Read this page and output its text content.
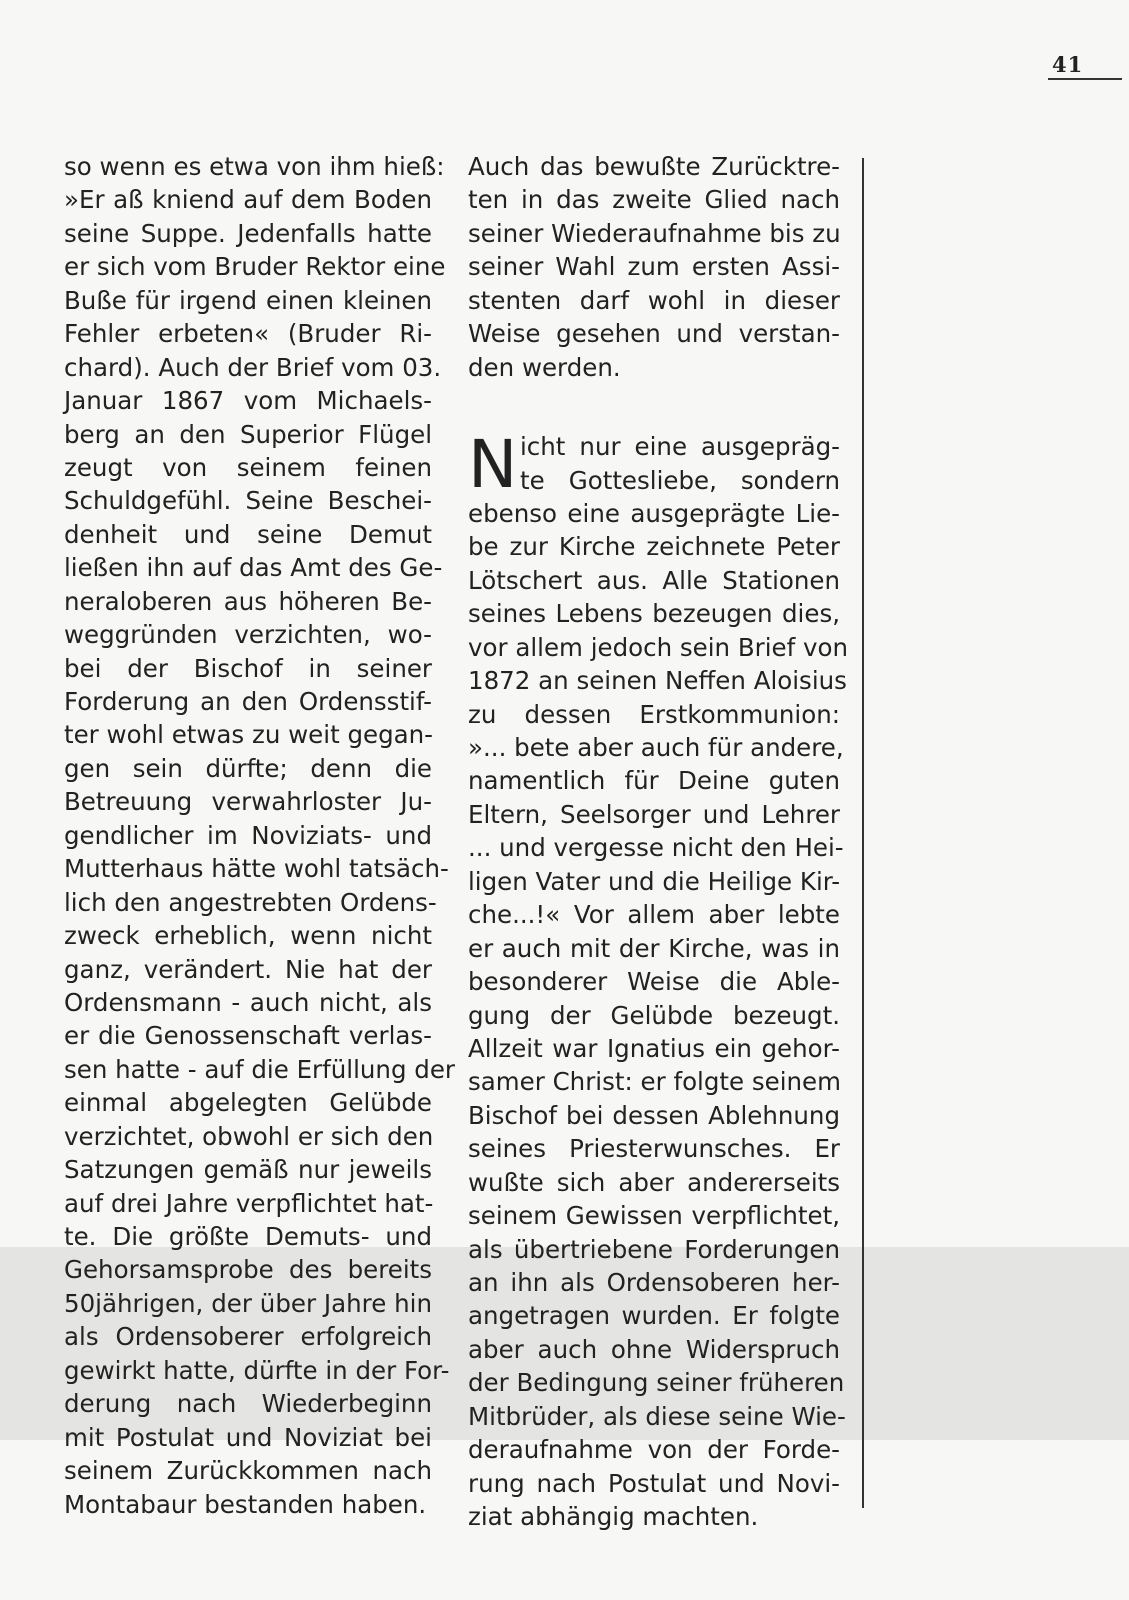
41
so wenn es etwa von ihm hieß:
»Er aß kniend auf dem Boden
seine Suppe. Jedenfalls hatte
er sich vom Bruder Rektor eine
Buße für irgend einen kleinen
Fehler erbeten« (Bruder Ri-
chard). Auch der Brief vom 03.
Januar 1867 vom Michaels-
berg an den Superior Flügel
zeugt von seinem feinen
Schuldgefühl. Seine Beschei-
denheit und seine Demut
ließen ihn auf das Amt des Ge-
neraloberen aus höheren Be-
weggründen verzichten, wo-
bei der Bischof in seiner
Forderung an den Ordensstif-
ter wohl etwas zu weit gegan-
gen sein dürfte; denn die
Betreuung verwahrloster Ju-
gendlicher im Noviziats- und
Mutterhaus hätte wohl tatsäch-
lich den angestrebten Ordens-
zweck erheblich, wenn nicht
ganz, verändert. Nie hat der
Ordensmann - auch nicht, als
er die Genossenschaft verlas-
sen hatte - auf die Erfüllung der
einmal abgelegten Gelübde
verzichtet, obwohl er sich den
Satzungen gemäß nur jeweils
auf drei Jahre verpflichtet hat-
te. Die größte Demuts- und
Gehorsamsprobe des bereits
50jährigen, der über Jahre hin
als Ordensoberer erfolgreich
gewirkt hatte, dürfte in der For-
derung nach Wiederbeginn
mit Postulat und Noviziat bei
seinem Zurückkommen nach
Montabaur bestanden haben.
Auch das bewußte Zurücktre-
ten in das zweite Glied nach
seiner Wiederaufnahme bis zu
seiner Wahl zum ersten Assi-
stenten darf wohl in dieser
Weise gesehen und verstan-
den werden.
N icht nur eine ausgepräg-
te Gottesliebe, sondern
ebenso eine ausgeprägte Lie-
be zur Kirche zeichnete Peter
Lötschert aus. Alle Stationen
seines Lebens bezeugen dies,
vor allem jedoch sein Brief von
1872 an seinen Neffen Aloisius
zu dessen Erstkommunion:
»... bete aber auch für andere,
namentlich für Deine guten
Eltern, Seelsorger und Lehrer
... und vergesse nicht den Hei-
ligen Vater und die Heilige Kir-
che...!« Vor allem aber lebte
er auch mit der Kirche, was in
besonderer Weise die Able-
gung der Gelübde bezeugt.
Allzeit war Ignatius ein gehor-
samer Christ: er folgte seinem
Bischof bei dessen Ablehnung
seines Priesterwunsches. Er
wußte sich aber andererseits
seinem Gewissen verpflichtet,
als übertriebene Forderungen
an ihn als Ordensoberen her-
angetragen wurden. Er folgte
aber auch ohne Widerspruch
der Bedingung seiner früheren
Mitbrüder, als diese seine Wie-
deraufnahme von der Forde-
rung nach Postulat und Novi-
ziat abhängig machten.
